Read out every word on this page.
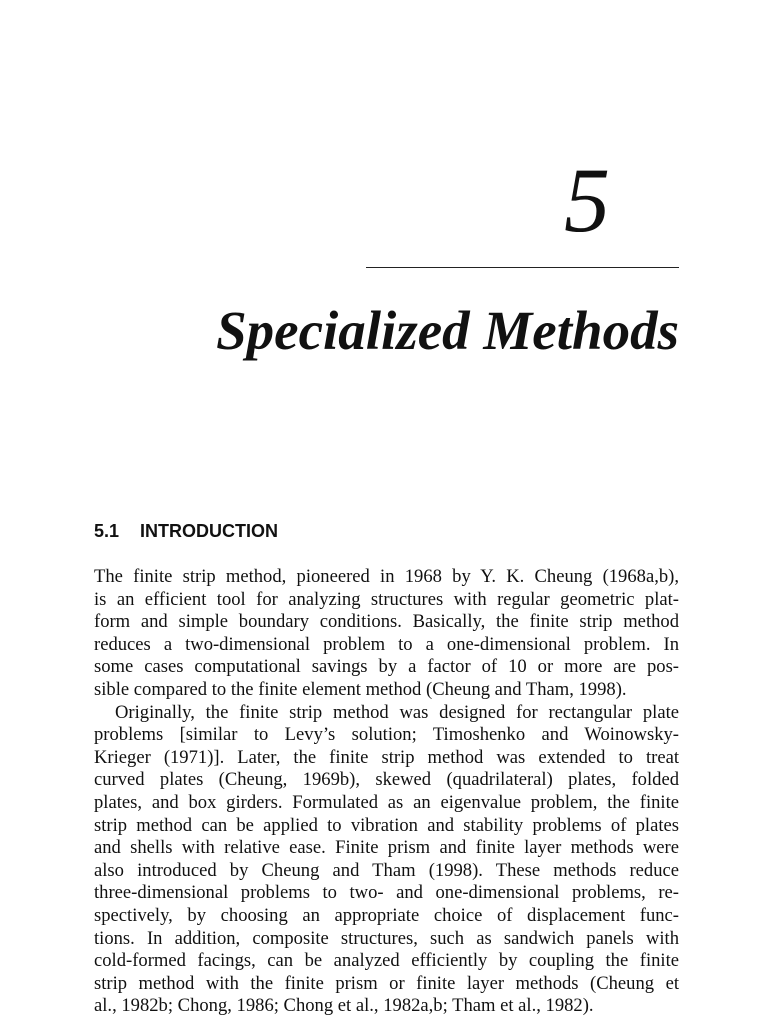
5
Specialized Methods
5.1 INTRODUCTION

The finite strip method, pioneered in 1968 by Y. K. Cheung (1968a,b),
is an efficient tool for analyzing structures with regular geometric plat-
form and simple boundary conditions. Basically, the finite strip method
reduces a two-dimensional problem to a one-dimensional problem. In
some cases computational savings by a factor of 10 or more are pos-
sible compared to the finite element method (Cheung and Tham, 1998).

Originally, the finite strip method was designed for rectangular plate
problems [similar to Levy’s solution; Timoshenko and Woinowsky-
Krieger (1971)]. Later, the finite strip method was extended to treat
curved plates (Cheung, 1969b), skewed (quadrilateral) plates, folded
plates, and box girders. Formulated as an eigenvalue problem, the finite
strip method can be applied to vibration and stability problems of plates
and shells with relative ease. Finite prism and finite layer methods were
also introduced by Cheung and Tham (1998). These methods reduce
three-dimensional problems to two- and one-dimensional problems, re-
spectively, by choosing an appropriate choice of displacement func-
tions. In addition, composite structures, such as sandwich panels with
cold-formed facings, can be analyzed efficiently by coupling the finite
strip method with the finite prism or finite layer methods (Cheung et
al., 1982b; Chong, 1986; Chong et al., 1982a,b; Tham et al., 1982).
